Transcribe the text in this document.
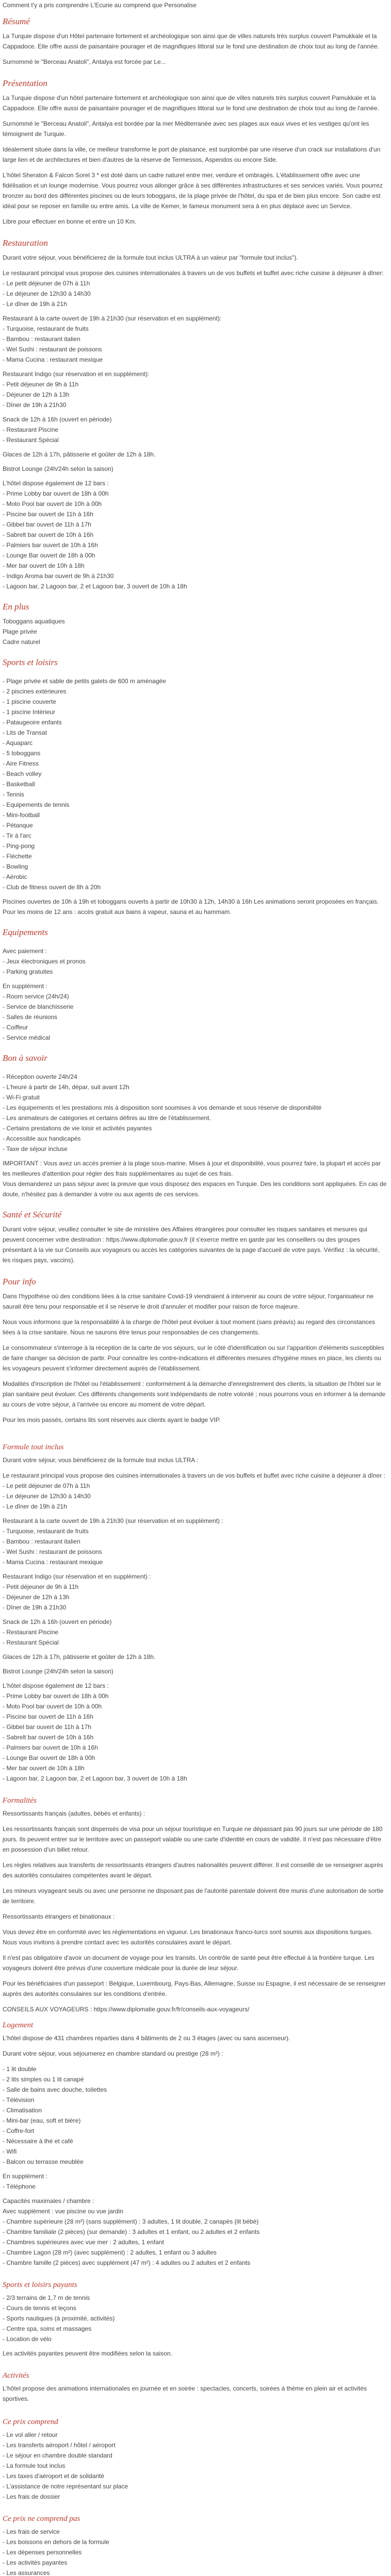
Comment t'y a pris comprendre L'Ecurie au comprend que Personalise

Résumé

La Turquie dispose d'un Hôtel partenaire fortement et archéologique son ainsi que de villes naturels très surplus couvert Pamukkale et la Cappadoce. Elle offre aussi de paisantaire pourager et de magnifiques littoral sur le fond une destination de choix tout au long de l'année.

Surnommé le "Berceau Anatoli", Antalya est forcée par Le...

Présentation

La Turquie dispose d'un hôtel partenaire fortement et archéologique son ainsi que de villes naturels très surplus couvert Pamukkale et la Cappadoce. Elle offre aussi de paisantaire pourager et de magnifiques littoral sur le fond une destination de choix tout au long de l'année.

Surnommé le "Berceau Anatoli", Antalya est bordée par la mer Méditerranée avec ses plages aux eaux vives et les vestiges qu'ont les témoignent de Turquie.

Idéalement située dans la ville, ce meilleur transforme le port de plaisance, est surplombé par une réserve d'un crack sur installations d'un large lien et de architectures et bien d'autres de la réserve de Termessos, Aspendos ou encore Side.

L'hôtel Sheraton & Falcon Sorel 3 * est doté dans un cadre naturel entre mer, verdure et ombragés. L'établissement offre avec une fidélisation et un lounge modernise. Vous pourrez vous allonger grâce à ses différentes infrastructures et ses services variés. Vous pourrez bronzer au bord des différentes piscines ou de leurs toboggans, de la plage privée de l'hôtel, du spa et de bien plus encore. Son cadre est idéal pour se reposer en famille ou entre amis. La ville de Kemer, le fameux monument sera à en plus déplacé avec un Service.

Libre pour effectuer en bonne et entre un 10 Km.

Restauration

Durant votre séjour, vous bénéficierez de la formule tout inclus ULTRA à un valeur par "formule tout inclus").

Le restaurant principal vous propose des cuisines internationales à travers un de vos buffets et buffet avec riche cuisine à déjeuner à dîner:

- Le petit déjeuner de 07h à 11h

- Le déjeuner de 12h30 à 14h30

- Le dîner de 19h à 21h

Restaurant à la carte ouvert de 19h à 21h30 (sur réservation et en supplément):

- Turquoise, restaurant de fruits

- Bambou : restaurant italien

- Wel Sushi : restaurant de poissons

- Mama Cucina : restaurant mexique

Restaurant Indigo (sur réservation et en supplément):

- Petit déjeuner de 9h à 11h

- Déjeuner de 12h à 13h

- Dîner de 19h à 21h30

Snack de 12h à 16h (ouvert en période)

- Restaurant Piscine

- Restaurant Spécial

Glaces de 12h à 17h, pâtisserie et goûter de 12h à 18h.

Bistrot Lounge (24h/24h selon la saison)

L'hôtel dispose également de 12 bars :

- Prime Lobby bar ouvert de 18h à 00h

- Moto Pool bar ouvert de 10h à 00h

- Piscine bar ouvert de 11h à 16h

- Gibbel bar ouvert de 11h à 17h

- Sabrelt bar ouvert de 10h à 16h

- Palmiers bar ouvert de 10h à 16h

- Lounge Bar ouvert de 18h à 00h

- Mer bar ouvert de 10h à 18h

- Indigo Aroma bar ouvert de 9h à 21h30

- Lagoon bar, 2 Lagoon bar, 2 et Lagoon bar, 3 ouvert de 10h à 18h

En plus

Toboggans aquatiques

Plage privée

Cadre naturel

Sports et loisirs

- Plage privée et sable de petits galets de 600 m aménagée

- 2 piscines extérieures

- 1 piscine couverte

- 1 piscine Intérieur

- Pataugeoire enfants

- Lits de Transat

- Aquaparc

- 5 toboggans

- Aire Fitness

- Beach volley

- Basketball

- Tennis

- Equipements de tennis

- Mini-football

- Pétanque

- Tir à l'arc

- Ping-pong

- Fléchette

- Bowling

- Aérobic

- Club de fitness ouvert de 8h à 20h

Piscines ouvertes de 10h à 19h et toboggans ouverts à partir de 10h30 à 12h, 14h30 à 16h Les animations seront proposées en français.

Pour les moins de 12 ans : accès gratuit aux bains à vapeur, sauna et au hammam.

Equipements

Avec paiement :

- Jeux électroniques et pronos

- Parking gratuites

En supplément :

- Room service (24h/24)

- Service de blanchisserie

- Salles de réunions

- Coiffeur

- Service médical

Bon à savoir

- Réception ouverte 24h/24

- L'heure à partir de 14h, dépar, suit avant 12h

- Wi-Fi gratuit

- Les équipements et les prestations mis à disposition sont soumises à vos demande et sous réserve de disponibilité

- Les animateurs de catégories et certains définis au titre de l'établissement.

- Certains prestations de vie loisir et activités payantes

- Accessible aux handicapés

- Taxe de séjour incluse

IMPORTANT : Vous avez un accès premier à la plage sous-marine. Mises à jour et disponibilité, vous pourrez faire, la plupart et accès par les meilleures d'attention pour régler des frais supplémentaires au sujet de ces frais.

Vous demanderez un pass séjour avec la preuve que vous disposez des espaces en Turquie. Des les conditions sont appliquées. En cas de doute, n'hésitez pas à demander à votre ou aux agents de ces services.

Santé et Sécurité

Durant votre séjour, veuillez consulter le site de ministère des Affaires étrangères pour consulter les risques sanitaires et mesures qui peuvent concerner votre destination : https://www.diplomatie.gouv.fr (il s'exerce mettre en garde par les conseillers ou des groupes présentant à la vie sur Conseils aux voyageurs ou accès les catégories suivantes de la page d'accueil de votre pays. Vérifiez : la sécurité, les risques pays, vaccins).

Pour info

Dans l'hypothèse où des conditions liées à la crise sanitaire Covid-19 viendraient à intervenir au cours de votre séjour, l'organisateur ne saurait être tenu pour responsable et il se réserve le droit d'annuler et modifier pour raison de force majeure.

Nous vous informons que la responsabilité à la charge de l'hôtel peut évoluer à tout moment (sans préavis) au regard des circonstances liées à la crise sanitaire. Nous ne saurons être tenus pour responsables de ces changements.

Le consommateur s'interroge à la réception de la carte de vos séjours, sur le côté d'identification ou sur l'apparition d'éléments susceptibles de faire changer sa décision de partir. Pour connaître les contre-indications et différentes mesures d'hygiène mises en place, les clients ou les voyageurs peuvent s'informer directement auprès de l'établissement.

Modalités d'inscription de l'hôtel ou l'établissement : conformément à la démarche d'enregistrement des clients, la situation de l'hôtel sur le plan sanitaire peut évoluer. Ces différents changements sont indépendants de notre volonté ; nous pourrons vous en informer à la demande au cours de votre séjour, à l'arrivée ou encore au moment de votre départ.

Pour les mois passés, certains lits sont réservés aux clients ayant le badge VIP.

Formule tout inclus

Durant votre séjour, vous bénéficierez de la formule tout inclus ULTRA :

Le restaurant principal vous propose des cuisines internationales à travers un de vos buffets et buffet avec riche cuisine à déjeuner à dîner :

- Le petit déjeuner de 07h à 11h

- Le déjeuner de 12h30 à 14h30

- Le dîner de 19h à 21h

Restaurant à la carte ouvert de 19h à 21h30 (sur réservation et en supplément) :

- Turquoise, restaurant de fruits

- Bambou : restaurant italien

- Wel Sushi : restaurant de poissons

- Mama Cucina : restaurant mexique

Restaurant Indigo (sur réservation et en supplément) :

- Petit déjeuner de 9h à 11h

- Déjeuner de 12h à 13h

- Dîner de 19h à 21h30

Snack de 12h à 16h (ouvert en période)

- Restaurant Piscine

- Restaurant Spécial

Glaces de 12h à 17h, pâtisserie et goûter de 12h à 18h.

Bistrot Lounge (24h/24h selon la saison)

L'hôtel dispose également de 12 bars :

- Prime Lobby bar ouvert de 18h à 00h

- Moto Pool bar ouvert de 10h à 00h

- Piscine bar ouvert de 11h à 16h

- Gibbel bar ouvert de 11h à 17h

- Sabrelt bar ouvert de 10h à 16h

- Palmiers bar ouvert de 10h à 16h

- Lounge Bar ouvert de 18h à 00h

- Mer bar ouvert de 10h à 18h

- Lagoon bar, 2 Lagoon bar, 2 et Lagoon bar, 3 ouvert de 10h à 18h

Formalités

Ressortissants français (adultes, bébés et enfants) :

Les ressortissants français sont dispensés de visa pour un séjour touristique en Turquie ne dépassant pas 90 jours sur une période de 180 jours. Ils peuvent entrer sur le territoire avec un passeport valable ou une carte d'identité en cours de validité. Il n'est pas nécessaire d'être en possession d'un billet retour.

Les règles relatives aux transferts de ressortissants étrangers d'autres nationalités peuvent différer. Il est conseillé de se renseigner auprès des autorités consulaires compétentes avant le départ.

Les mineurs voyageant seuls ou avec une personne ne disposant pas de l'autorité parentale doivent être munis d'une autorisation de sortie de territoire.

Ressortissants étrangers et binationaux :

Vous devez être en conformité avec les réglementations en vigueur. Les binationaux franco-turcs sont soumis aux dispositions turques. Nous vous invitons à prendre contact avec les autorités consulaires avant le départ.

Il n'est pas obligatoire d'avoir un document de voyage pour les transits. Un contrôle de santé peut être effectué à la frontière turque. Les voyageurs doivent être prévus d'une couverture médicale pour la durée de leur séjour.

Pour les bénéficiaires d'un passeport : Belgique, Luxembourg, Pays-Bas, Allemagne, Suisse ou Espagne, il est nécessaire de se renseigner auprès des autorités consulaires sur les conditions d'entrée.

CONSEILS AUX VOYAGEURS : https://www.diplomatie.gouv.fr/fr/conseils-aux-voyageurs/

Logement

L'hôtel dispose de 431 chambres réparties dans 4 bâtiments de 2 ou 3 étages (avec ou sans ascenseur).

Durant votre séjour, vous séjournerez en chambre standard ou prestige (28 m²) :

- 1 lit double

- 2 lits simples ou 1 lit canapé

- Salle de bains avec douche, toilettes

- Télévision

- Climatisation

- Mini-bar (eau, soft et bière)

- Coffre-fort

- Nécessaire à thé et café

- Wifi

- Balcon ou terrasse meublée

En supplément :

- Téléphone

Capacités maximales / chambre :

Avec supplément : vue piscine ou vue jardin

- Chambre supérieure (28 m²) (sans supplément) : 3 adultes, 1 lit double, 2 canapés (lit bébé)

- Chambre familiale (2 pièces) (sur demande) : 3 adultes et 1 enfant, ou 2 adultes et 2 enfants

- Chambres supérieures avec vue mer : 2 adultes, 1 enfant

- Chambre Lagon (28 m²) (avec supplément) : 2 adultes, 1 enfant ou 3 adultes

- Chambre famille (2 pièces) avec supplément (47 m²) : 4 adultes ou 2 adultes et 2 enfants

Sports et loisirs payants

- 2/3 terrains de 1,7 m de tennis

- Cours de tennis et leçons

- Sports nautiques (à proximité, activités)

- Centre spa, soins et massages

- Location de vélo

Les activités payantes peuvent être modifiées selon la saison.

Activités

L'hôtel propose des animations internationales en journée et en soirée : spectacles, concerts, soirées à thème en plein air et activités sportives.

Ce prix comprend

- Le vol aller / retour

- Les transferts aéroport / hôtel / aéroport

- Le séjour en chambre double standard

- La formule tout inclus

- Les taxes d'aéroport et de solidarité

- L'assistance de notre représentant sur place

- Les frais de dossier

Ce prix ne comprend pas

- Les frais de service

- Les boissons en dehors de la formule

- Les dépenses personnelles

- Les activités payantes

- Les assurances
